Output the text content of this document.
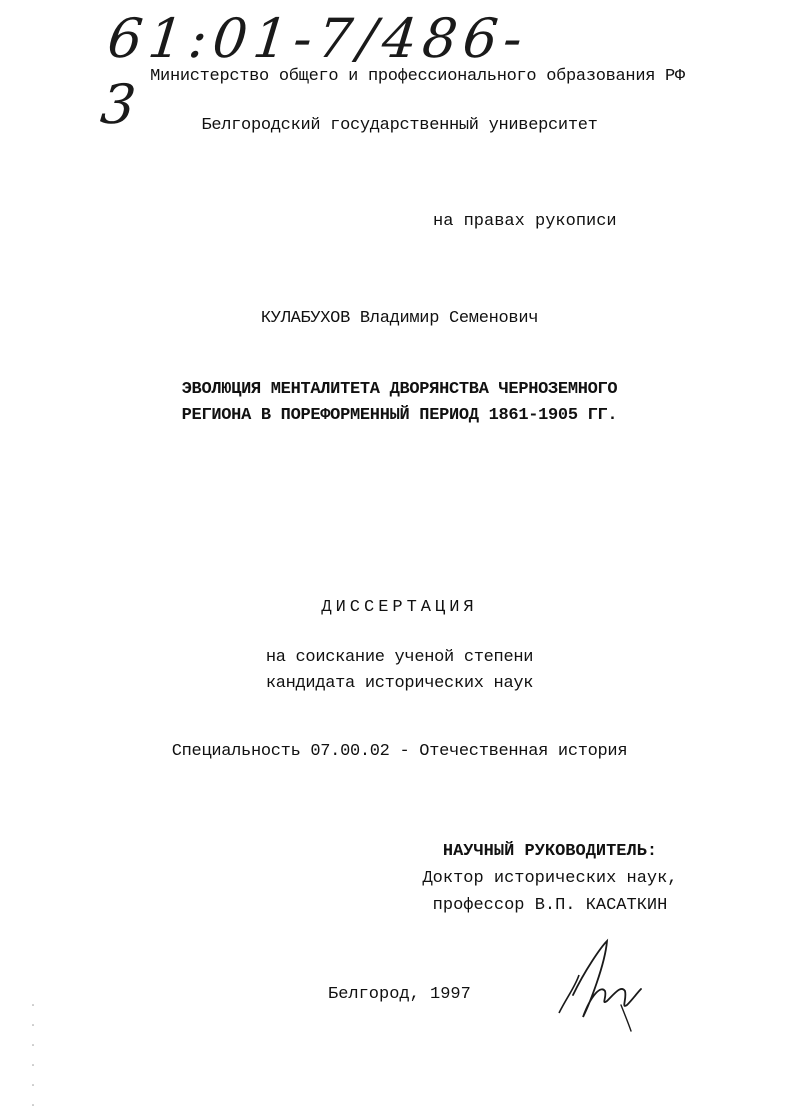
61:01-7/486-3 Министерство общего и профессионального образования РФ
Белгородский государственный университет
на правах рукописи
КУЛАБУХОВ Владимир Семенович
ЭВОЛЮЦИЯ МЕНТАЛИТЕТА ДВОРЯНСТВА ЧЕРНОЗЕМНОГО
РЕГИОНА В ПОРЕФОРМЕННЫЙ ПЕРИОД 1861-1905 ГГ.
ДИССЕРТАЦИЯ
на соискание ученой степени
кандидата исторических наук
Специальность 07.00.02 - Отечественная история
НАУЧНЫЙ РУКОВОДИТЕЛЬ:
Доктор исторических наук,
профессор В.П. КАСАТКИН
Белгород, 1997
